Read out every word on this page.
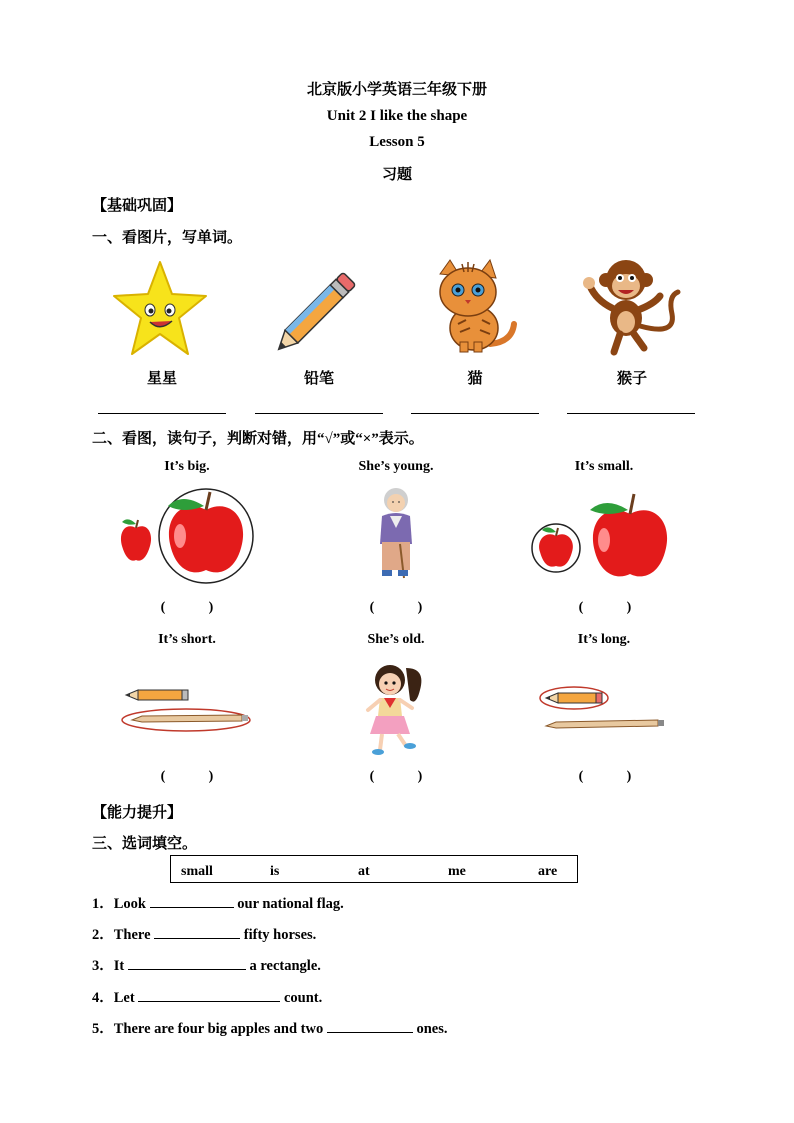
北京版小学英语三年级下册
Unit 2 I like the shape
Lesson 5
习题
【基础巩固】
一、看图片，写单词。
星星	铅笔	猫	猴子
二、看图，读句子，判断对错，用“√”或“×”表示。
It’s big.	She’s young.	It’s small.
(	)	(	)	(	)
It’s short.	She’s old.	It’s long.
(	)	(	)	(	)
【能力提升】
三、选词填空。
small	is	at	me	are
1．Look	our national flag.
2．There	fifty horses.
3．It	a rectangle.
4．Let	count.
5．There are four big apples and two	ones.
